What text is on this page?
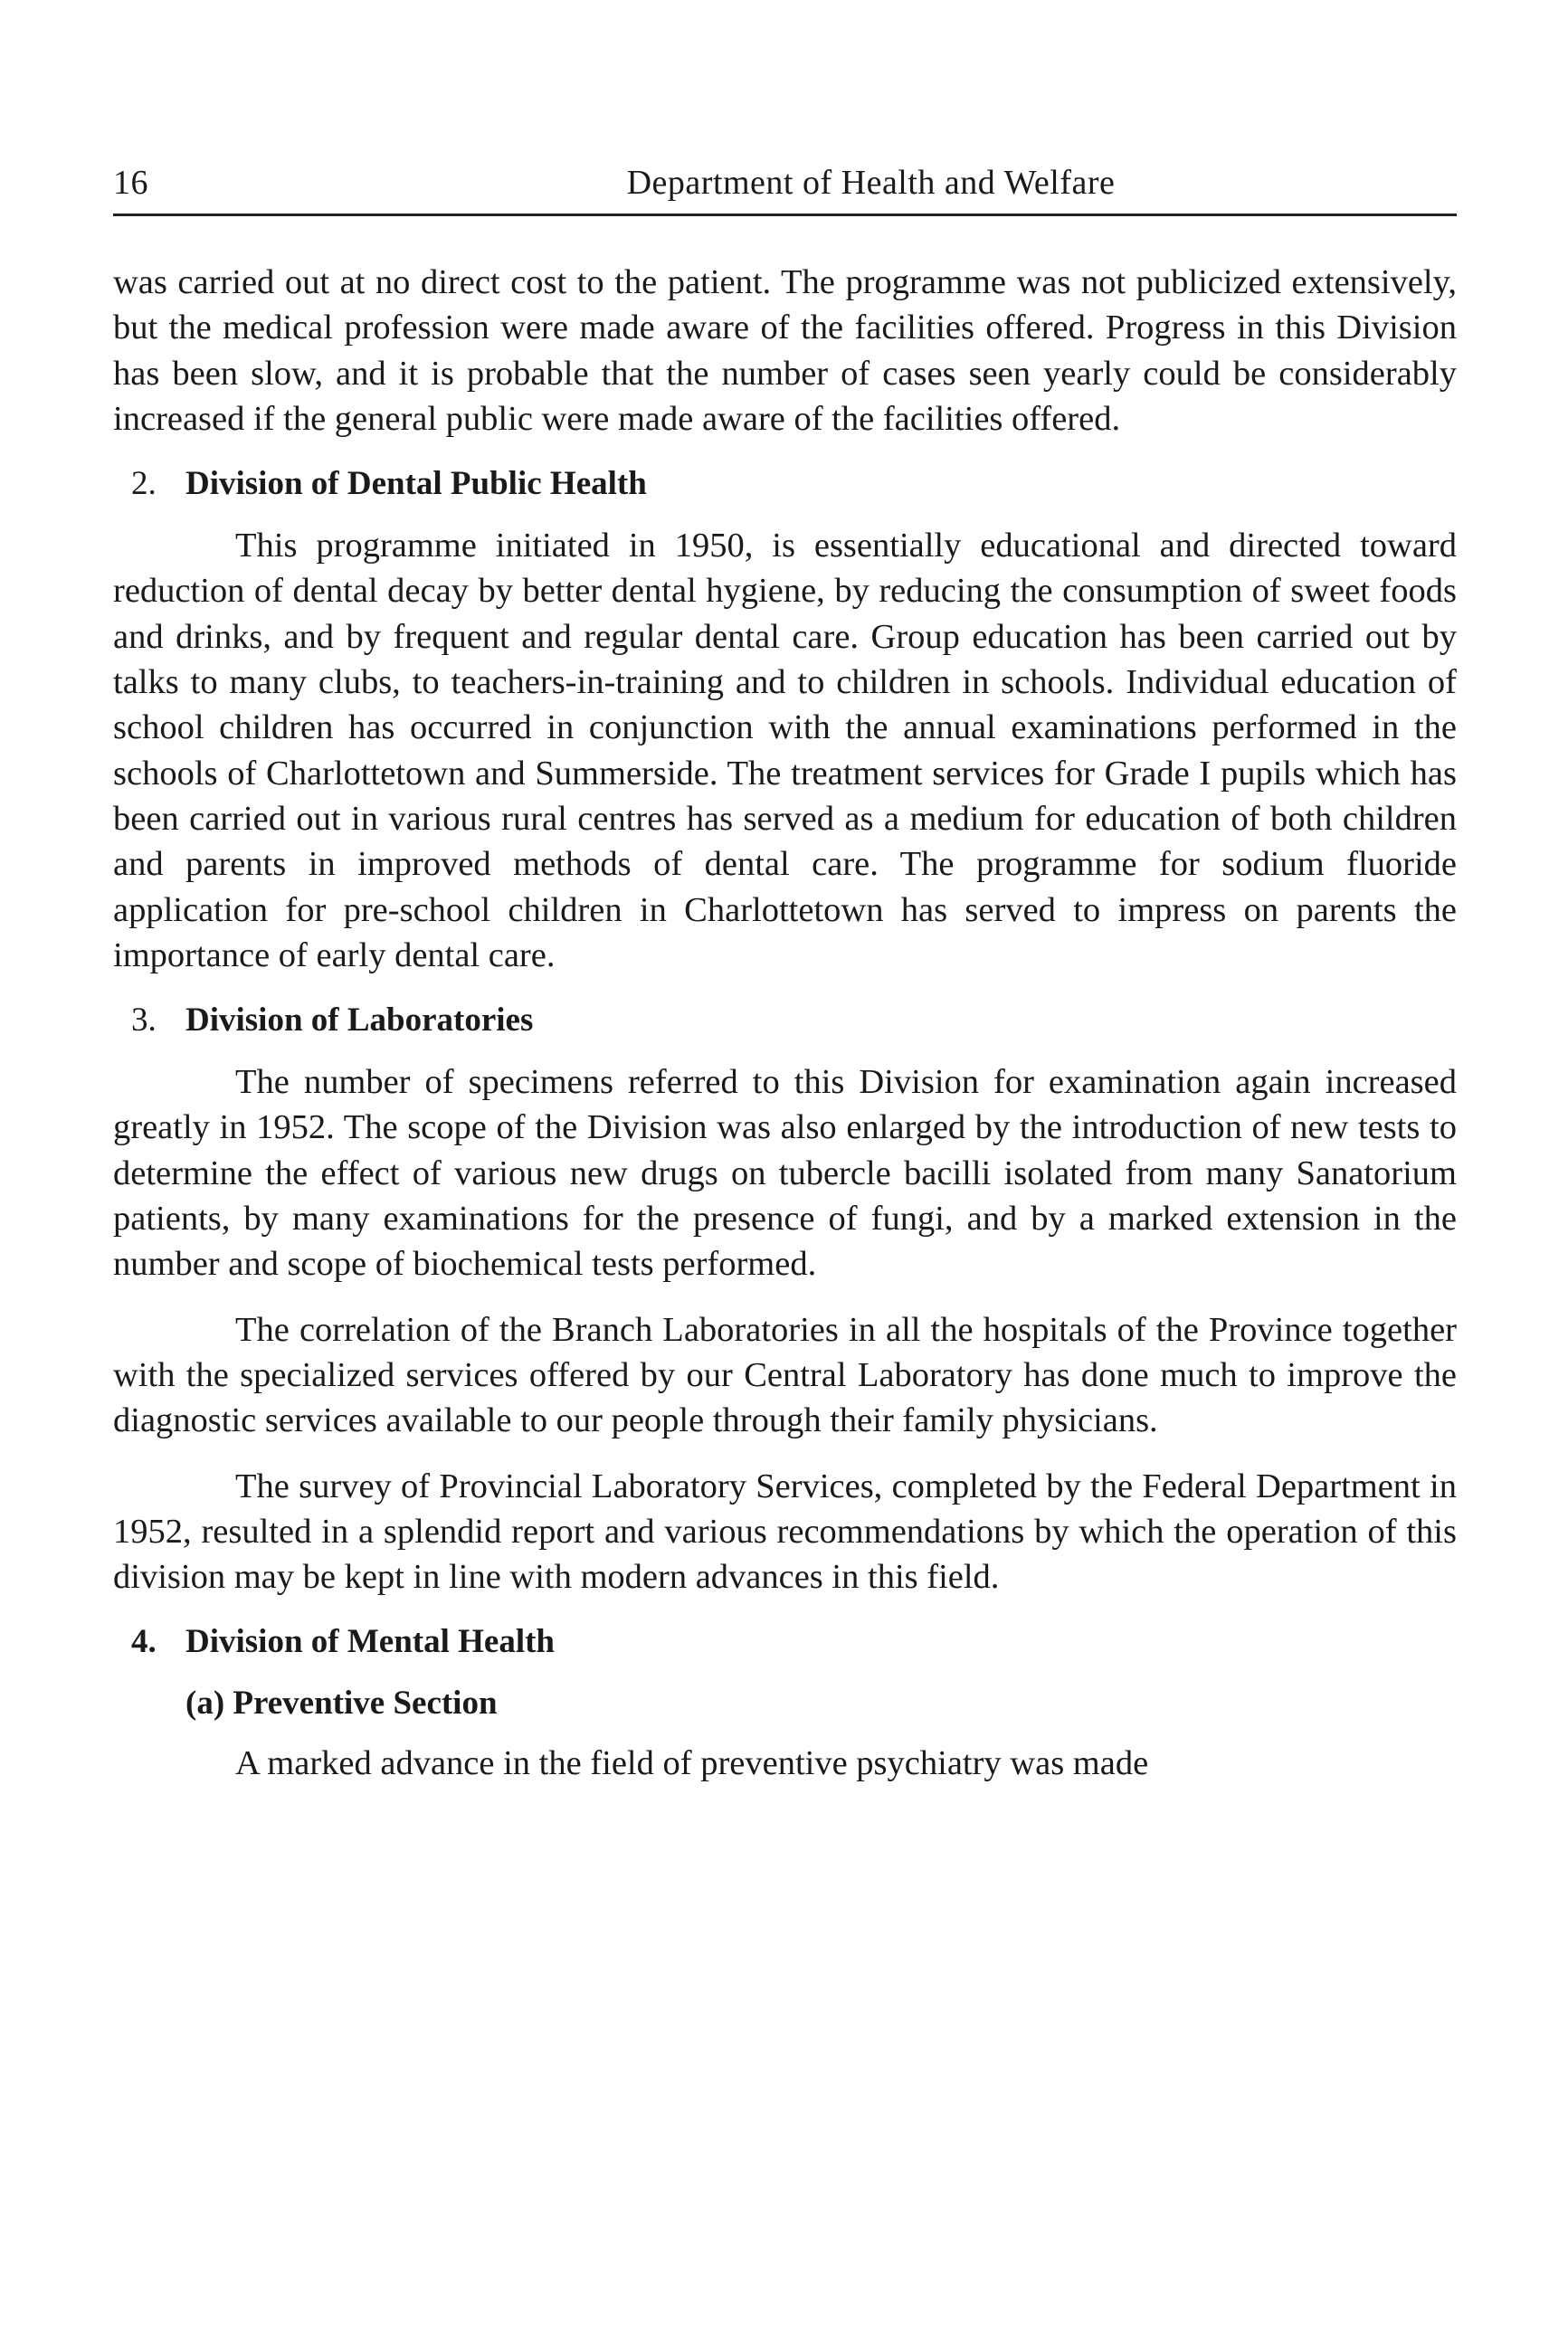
16	Department of Health and Welfare

was carried out at no direct cost to the patient. The programme was not publicized extensively, but the medical profession were made aware of the facilities offered. Progress in this Division has been slow, and it is probable that the number of cases seen yearly could be considerably increased if the general public were made aware of the facilities offered.

2. Division of Dental Public Health

This programme initiated in 1950, is essentially educational and directed toward reduction of dental decay by better dental hygiene, by reducing the consumption of sweet foods and drinks, and by frequent and regular dental care. Group education has been carried out by talks to many clubs, to teachers-in-training and to children in schools. Individual education of school children has occurred in conjunction with the annual examinations performed in the schools of Charlottetown and Summerside. The treatment services for Grade I pupils which has been carried out in various rural centres has served as a medium for education of both children and parents in improved methods of dental care. The programme for sodium fluoride application for pre-school children in Charlottetown has served to impress on parents the importance of early dental care.

3. Division of Laboratories

The number of specimens referred to this Division for examination again increased greatly in 1952. The scope of the Division was also enlarged by the introduction of new tests to determine the effect of various new drugs on tubercle bacilli isolated from many Sanatorium patients, by many examinations for the presence of fungi, and by a marked extension in the number and scope of biochemical tests performed.

The correlation of the Branch Laboratories in all the hospitals of the Province together with the specialized services offered by our Central Laboratory has done much to improve the diagnostic services available to our people through their family physicians.

The survey of Provincial Laboratory Services, completed by the Federal Department in 1952, resulted in a splendid report and various recommendations by which the operation of this division may be kept in line with modern advances in this field.

4. Division of Mental Health
(a) Preventive Section

A marked advance in the field of preventive psychiatry was made
